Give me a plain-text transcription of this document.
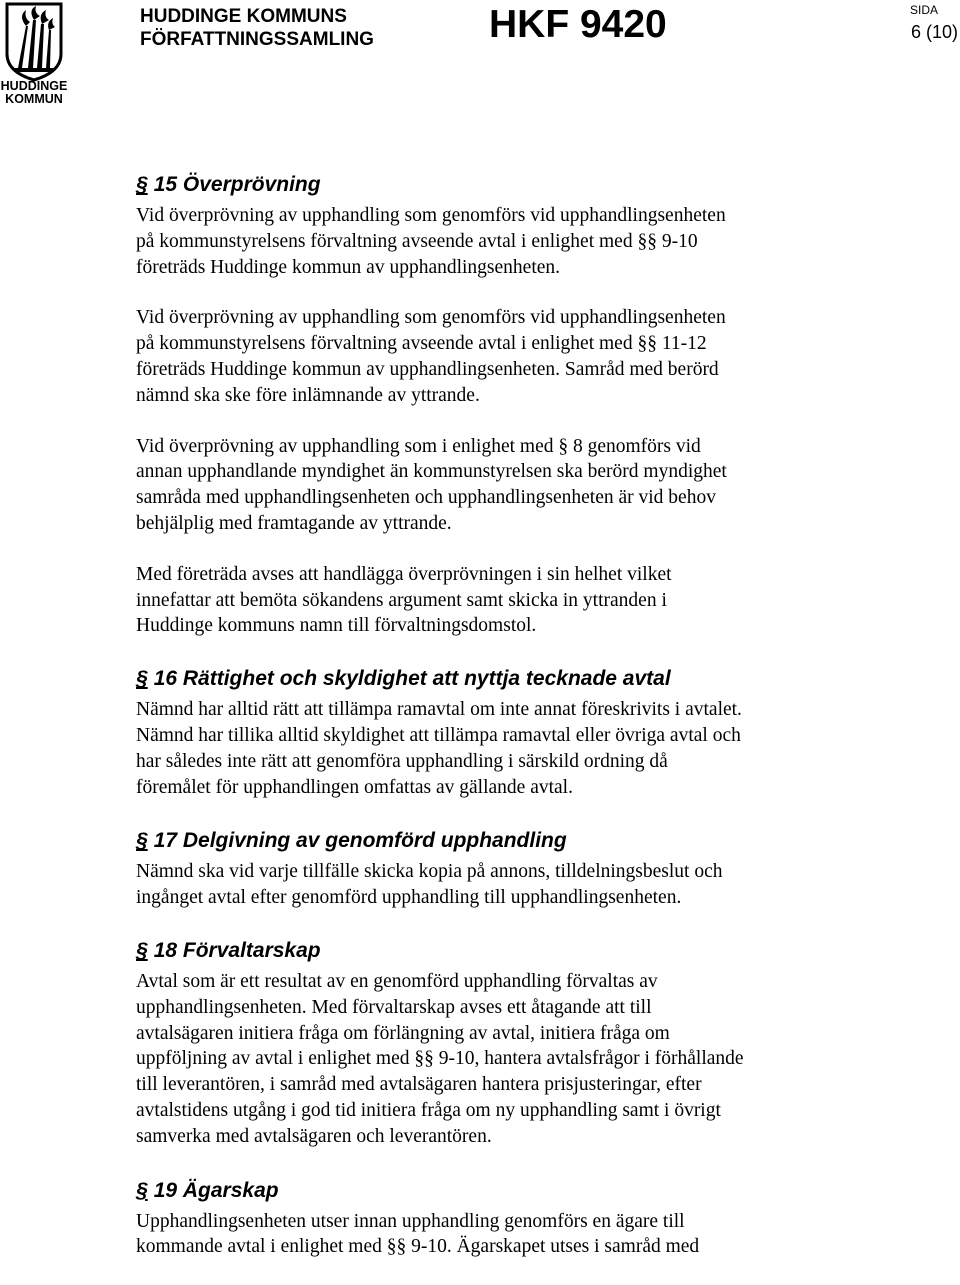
HUDDINGE
KOMMUN
HUDDINGE KOMMUNS
FÖRFATTNINGSSAMLING	HKF 9420	SIDA
6 (10)
§ 15 Överprövning

Vid överprövning av upphandling som genomförs vid upphandlingsenheten
på kommunstyrelsens förvaltning avseende avtal i enlighet med §§ 9-10
företräds Huddinge kommun av upphandlingsenheten.

Vid överprövning av upphandling som genomförs vid upphandlingsenheten
på kommunstyrelsens förvaltning avseende avtal i enlighet med §§ 11-12
företräds Huddinge kommun av upphandlingsenheten. Samråd med berörd
nämnd ska ske före inlämnande av yttrande.

Vid överprövning av upphandling som i enlighet med § 8 genomförs vid
annan upphandlande myndighet än kommunstyrelsen ska berörd myndighet
samråda med upphandlingsenheten och upphandlingsenheten är vid behov
behjälplig med framtagande av yttrande.

Med företräda avses att handlägga överprövningen i sin helhet vilket
innefattar att bemöta sökandens argument samt skicka in yttranden i
Huddinge kommuns namn till förvaltningsdomstol.

§ 16 Rättighet och skyldighet att nyttja tecknade avtal

Nämnd har alltid rätt att tillämpa ramavtal om inte annat föreskrivits i avtalet.
Nämnd har tillika alltid skyldighet att tillämpa ramavtal eller övriga avtal och
har således inte rätt att genomföra upphandling i särskild ordning då
föremålet för upphandlingen omfattas av gällande avtal.

§ 17 Delgivning av genomförd upphandling

Nämnd ska vid varje tillfälle skicka kopia på annons, tilldelningsbeslut och
ingånget avtal efter genomförd upphandling till upphandlingsenheten.

§ 18 Förvaltarskap

Avtal som är ett resultat av en genomförd upphandling förvaltas av
upphandlingsenheten. Med förvaltarskap avses ett åtagande att till
avtalsägaren initiera fråga om förlängning av avtal, initiera fråga om
uppföljning av avtal i enlighet med §§ 9-10, hantera avtalsfrågor i förhållande
till leverantören, i samråd med avtalsägaren hantera prisjusteringar, efter
avtalstidens utgång i god tid initiera fråga om ny upphandling samt i övrigt
samverka med avtalsägaren och leverantören.

§ 19 Ägarskap

Upphandlingsenheten utser innan upphandling genomförs en ägare till
kommande avtal i enlighet med §§ 9-10. Ägarskapet utses i samråd med
